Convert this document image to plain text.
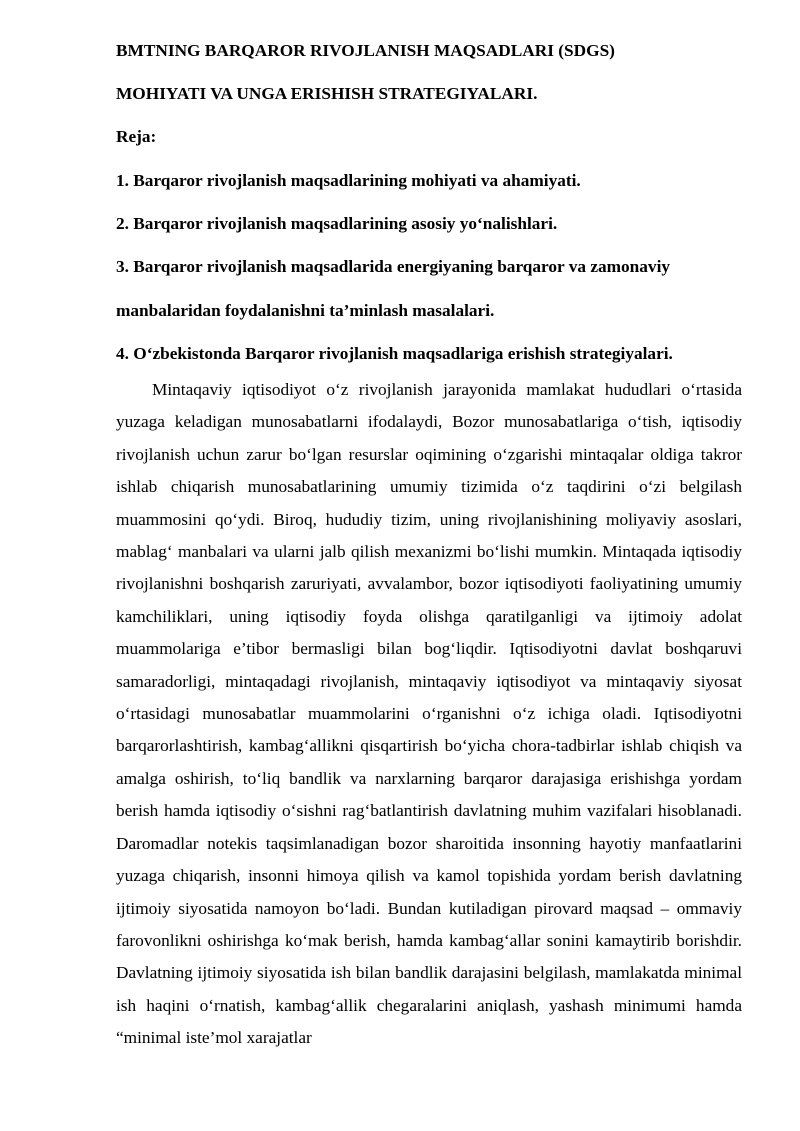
BMTNING BARQAROR RIVOJLANISH MAQSADLARI (SDGS)
MOHIYATI VA UNGA ERISHISH STRATEGIYALARI.
Reja:
1. Barqaror rivojlanish maqsadlarining mohiyati va ahamiyati.
2. Barqaror rivojlanish maqsadlarining asosiy yo‘nalishlari.
3. Barqaror rivojlanish maqsadlarida energiyaning barqaror va zamonaviy
manbalaridan foydalanishni ta’minlash masalalari.
4. O‘zbekistonda Barqaror rivojlanish maqsadlariga erishish strategiyalari.

Mintaqaviy iqtisodiyot o‘z rivojlanish jarayonida mamlakat hududlari o‘rtasida yuzaga keladigan munosabatlarni ifodalaydi, Bozor munosabatlariga o‘tish, iqtisodiy rivojlanish uchun zarur bo‘lgan resurslar oqimining o‘zgarishi mintaqalar oldiga takror ishlab chiqarish munosabatlarining umumiy tizimida o‘z taqdirini o‘zi belgilash muammosini qo‘ydi. Biroq, hududiy tizim, uning rivojlanishining moliyaviy asoslari, mablag‘ manbalari va ularni jalb qilish mexanizmi bo‘lishi mumkin. Mintaqada iqtisodiy rivojlanishni boshqarish zaruriyati, avvalambor, bozor iqtisodiyoti faoliyatining umumiy kamchiliklari, uning iqtisodiy foyda olishga qaratilganligi va ijtimoiy adolat muammolariga e’tibor bermasligi bilan bog‘liqdir. Iqtisodiyotni davlat boshqaruvi samaradorligi, mintaqadagi rivojlanish, mintaqaviy iqtisodiyot va mintaqaviy siyosat o‘rtasidagi munosabatlar muammolarini o‘rganishni o‘z ichiga oladi. Iqtisodiyotni barqarorlashtirish, kambag‘allikni qisqartirish bo‘yicha chora-tadbirlar ishlab chiqish va amalga oshirish, to‘liq bandlik va narxlarning barqaror darajasiga erishishga yordam berish hamda iqtisodiy o‘sishni rag‘batlantirish davlatning muhim vazifalari hisoblanadi. Daromadlar notekis taqsimlanadigan bozor sharoitida insonning hayotiy manfaatlarini yuzaga chiqarish, insonni himoya qilish va kamol topishida yordam berish davlatning ijtimoiy siyosatida namoyon bo‘ladi. Bundan kutiladigan pirovard maqsad – ommaviy farovonlikni oshirishga ko‘mak berish, hamda kambag‘allar sonini kamaytirib borishdir. Davlatning ijtimoiy siyosatida ish bilan bandlik darajasini belgilash, mamlakatda minimal ish haqini o‘rnatish, kambag‘allik chegaralarini aniqlash, yashash minimumi hamda “minimal iste’mol xarajatlar
